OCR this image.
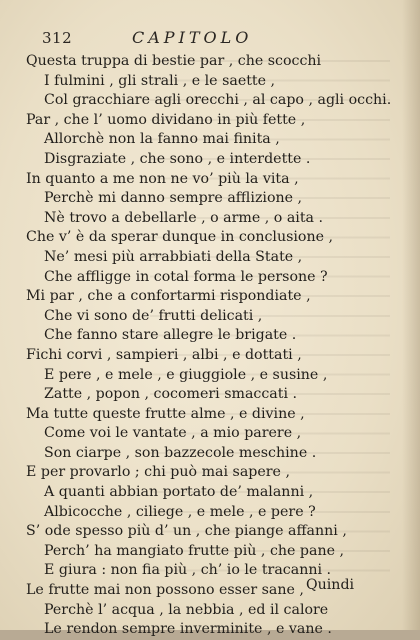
312	CAPITOLO
Questa truppa di bestie par , che scocchi
I fulmini , gli strali , e le saette ,
Col gracchiare agli orecchi , al capo , agli occhi.
Par , che l’ uomo dividano in più fette ,
Allorchè non la fanno mai finita ,
Disgraziate , che sono , e interdette .
In quanto a me non ne vo’ più la vita ,
Perchè mi danno sempre afflizione ,
Nè trovo a debellarle , o arme , o aita .
Che v’ è da sperar dunque in conclusione ,
Ne’ mesi più arrabbiati della State ,
Che affligge in cotal forma le persone ?
Mi par , che a confortarmi rispondiate ,
Che vi sono de’ frutti delicati ,
Che fanno stare allegre le brigate .
Fichi corvi , sampieri , albi , e dottati ,
E pere , e mele , e giuggiole , e susine ,
Zatte , popon , cocomeri smaccati .
Ma tutte queste frutte alme , e divine ,
Come voi le vantate , a mio parere ,
Son ciarpe , son bazzecole meschine .
E per provarlo ; chi può mai sapere ,
A quanti abbian portato de’ malanni ,
Albicocche , ciliege , e mele , e pere ?
S’ ode spesso più d’ un , che piange affanni ,
Perch’ ha mangiato frutte più , che pane ,
E giura : non fia più , ch’ io le tracanni .
Le frutte mai non possono esser sane ,
Perchè l’ acqua , la nebbia , ed il calore
Le rendon sempre inverminite , e vane .
Quindi
